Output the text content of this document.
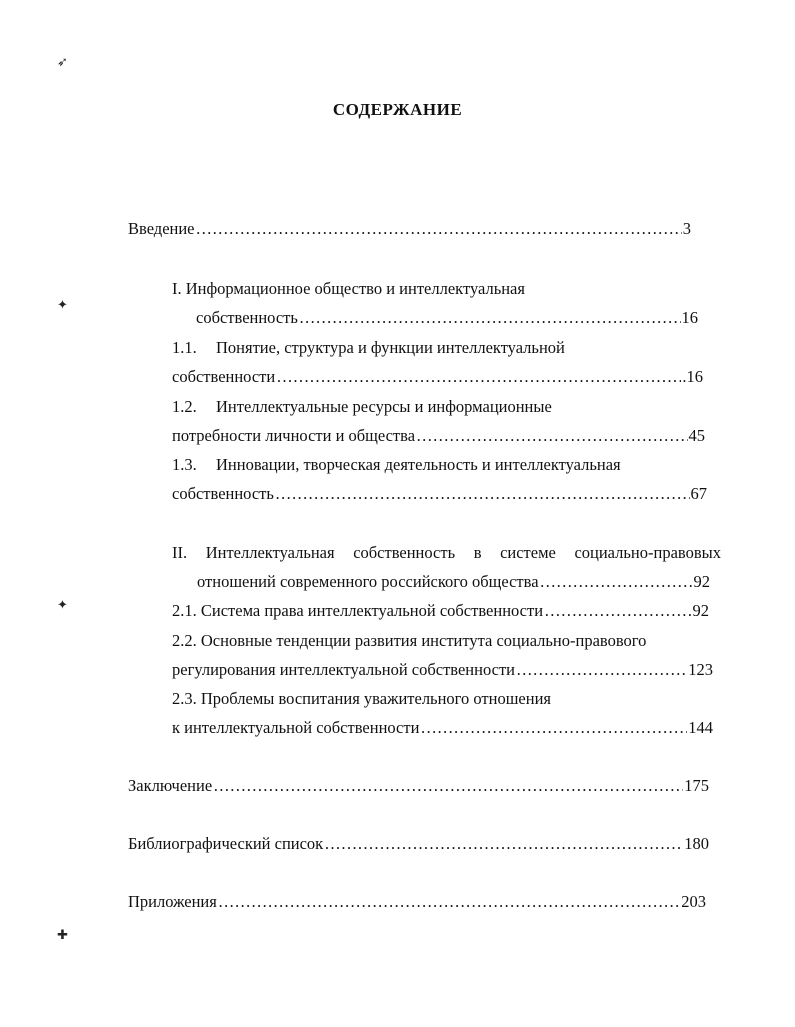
➶
✦
✦
✚
СОДЕРЖАНИЕ
Введение …………………………………………………………………………………………………………………………………………	3
I. Информационное общество и интеллектуальная
собственность …………………………………………………………………………………………………………………………………………	16
1.1. Понятие, структура и функции интеллектуальной
собственности …………………………………………………………………………………………………………………………………………	.16
1.2. Интеллектуальные ресурсы и информационные
потребности личности и общества …………………………………………………………………………………………………………………………………………	45
1.3. Инновации, творческая деятельность и интеллектуальная
собственность …………………………………………………………………………………………………………………………………………	67
II. Интеллектуальная собственность в системе социально-правовых
отношений современного российского общества …………………………………………………………………………………………………………………………………………	92
2.1. Система права интеллектуальной собственности …………………………………………………………………………………………………………………………………………	92
2.2. Основные тенденции развития института социально-правового
регулирования интеллектуальной собственности …………………………………………………………………………………………………………………………………………	123
2.3. Проблемы воспитания уважительного отношения
к интеллектуальной собственности …………………………………………………………………………………………………………………………………………	144
Заключение …………………………………………………………………………………………………………………………………………	175
Библиографический список …………………………………………………………………………………………………………………………………………	180
Приложения …………………………………………………………………………………………………………………………………………	203
